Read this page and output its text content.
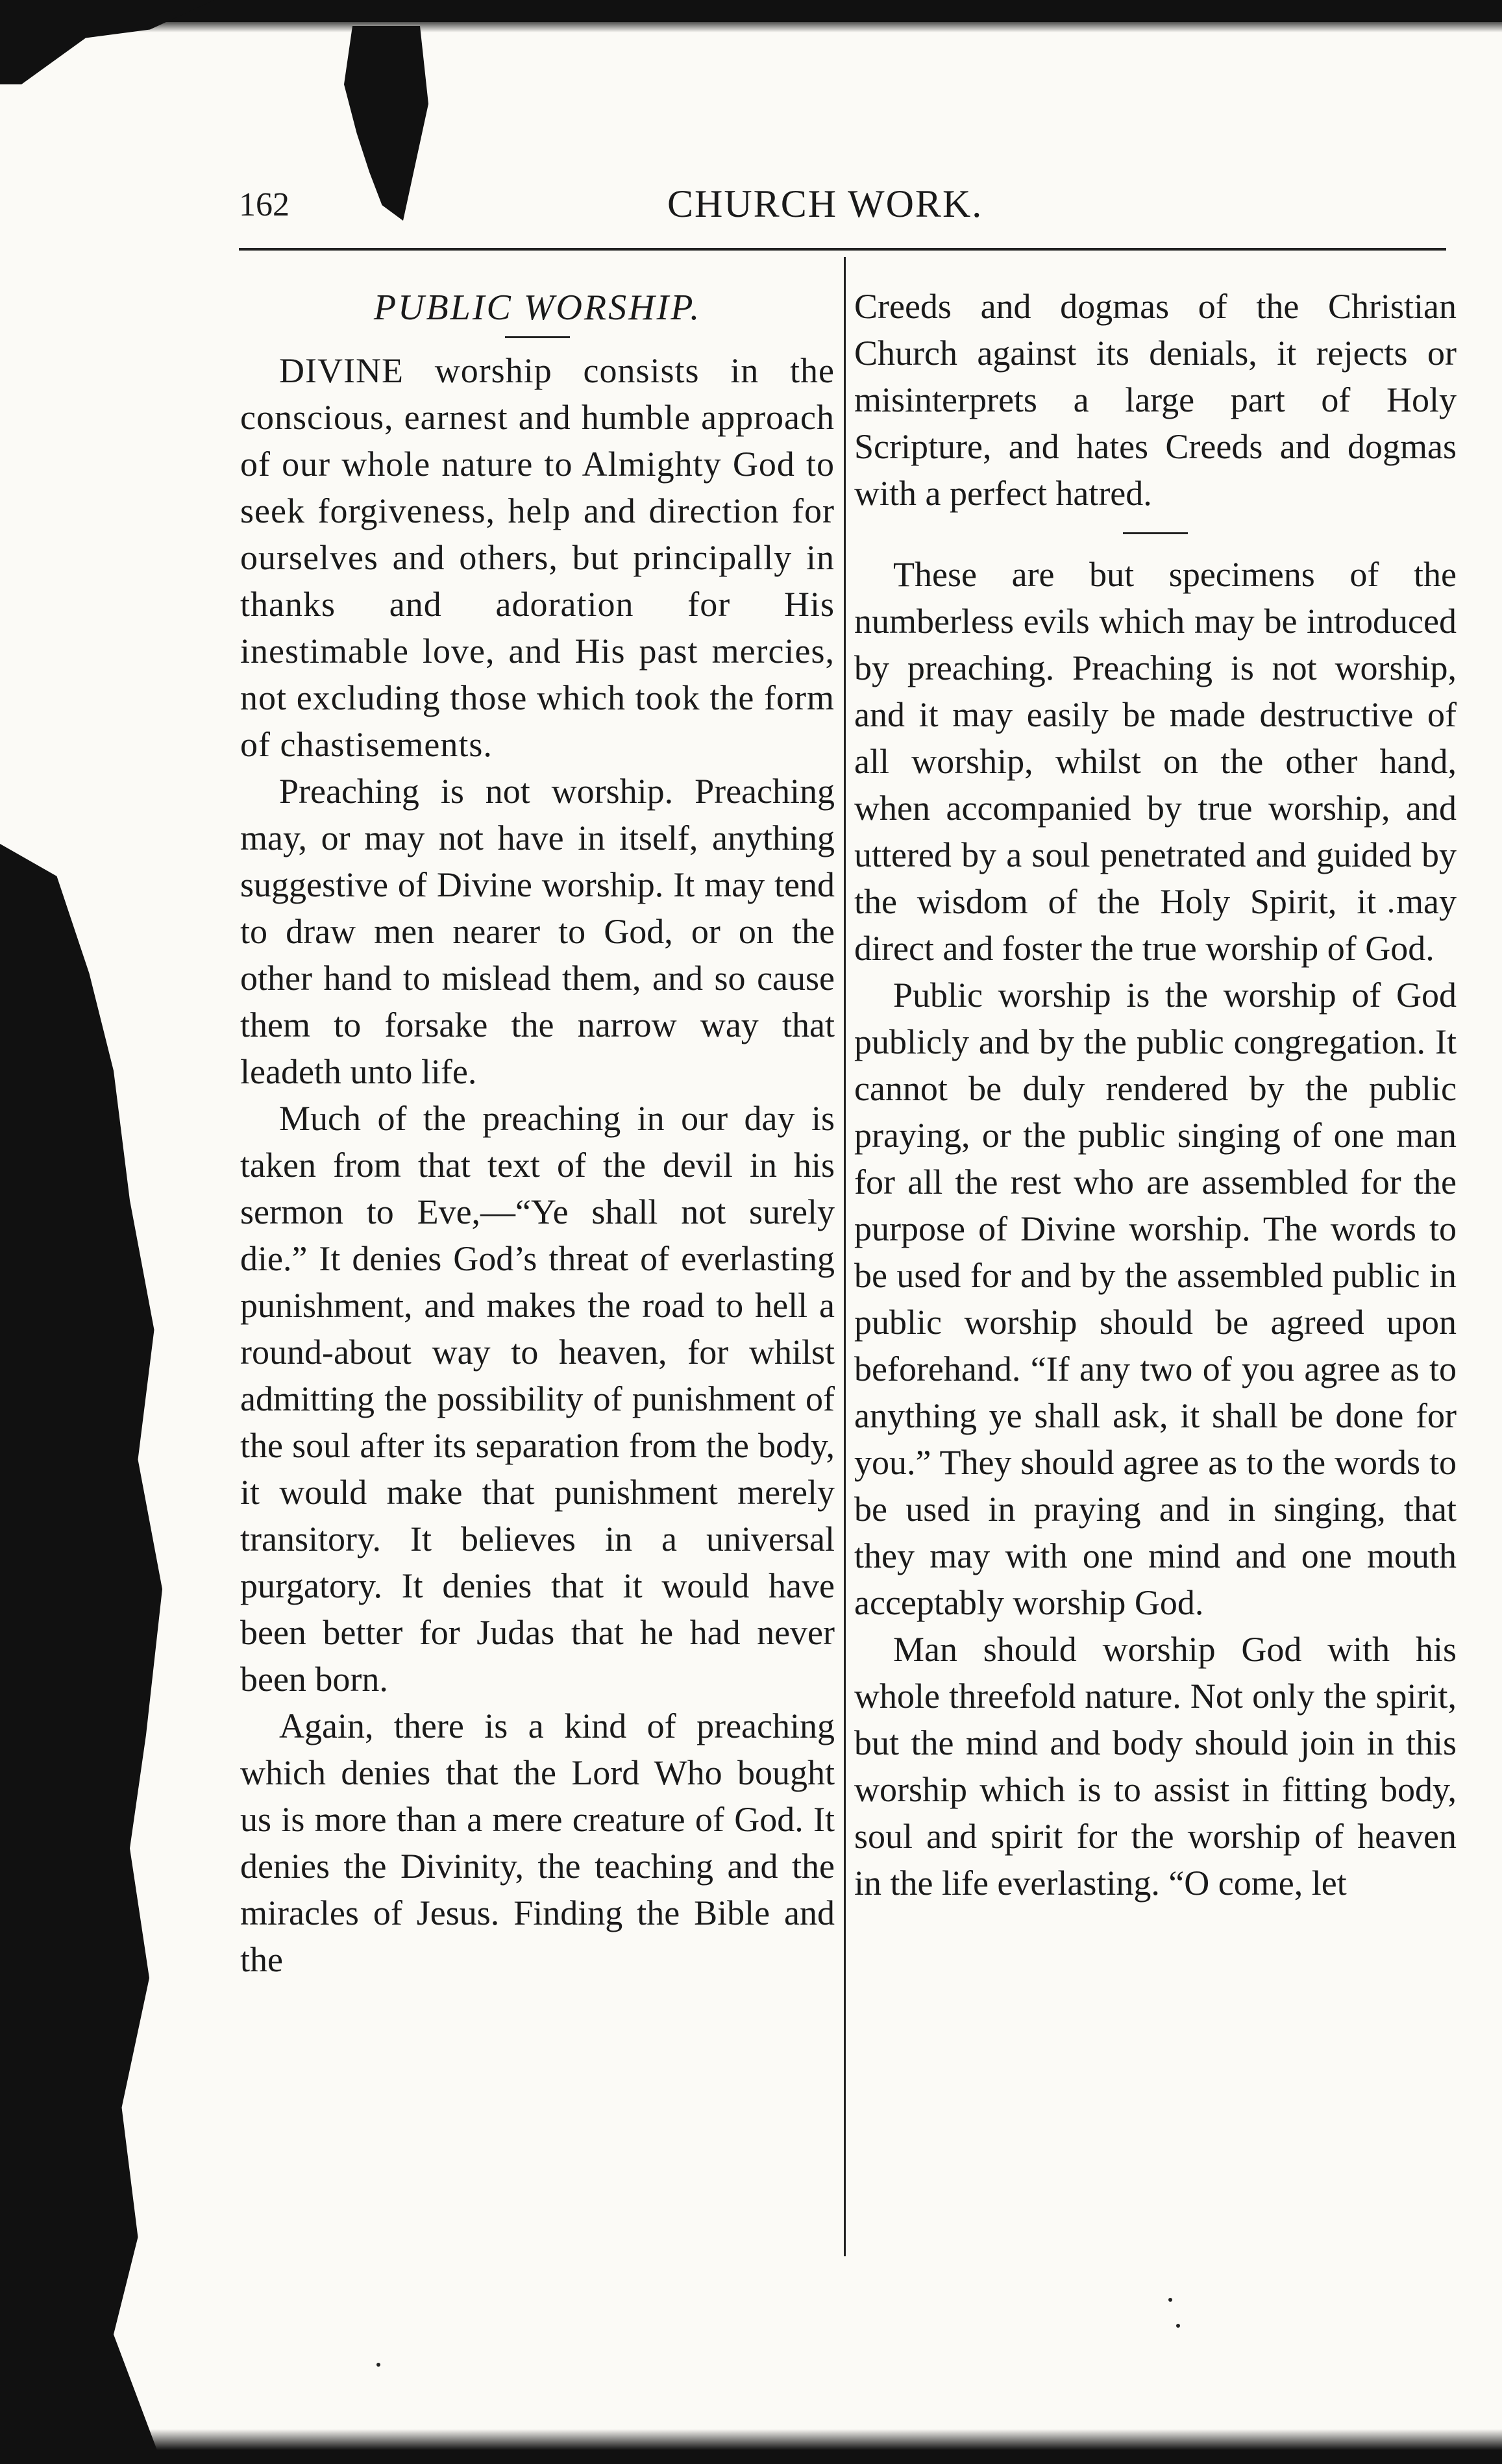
162	CHURCH WORK.
PUBLIC WORSHIP.

DIVINE worship consists in the conscious, earnest and humble approach of our whole nature to Almighty God to seek forgiveness, help and direction for ourselves and others, but principally in thanks and adoration for His inestimable love, and His past mercies, not excluding those which took the form of chastisements.

Preaching is not worship. Preaching may, or may not have in itself, anything suggestive of Divine worship. It may tend to draw men nearer to God, or on the other hand to mislead them, and so cause them to forsake the narrow way that leadeth unto life.

Much of the preaching in our day is taken from that text of the devil in his sermon to Eve,—“Ye shall not surely die.” It denies God’s threat of everlasting punishment, and makes the road to hell a round-about way to heaven, for whilst admitting the possibility of punishment of the soul after its separation from the body, it would make that punishment merely transitory. It believes in a universal purgatory. It denies that it would have been better for Judas that he had never been born.

Again, there is a kind of preaching which denies that the Lord Who bought us is more than a mere creature of God. It denies the Divinity, the teaching and the miracles of Jesus. Finding the Bible and the

Creeds and dogmas of the Christian Church against its denials, it rejects or misinterprets a large part of Holy Scripture, and hates Creeds and dogmas with a perfect hatred.

These are but specimens of the numberless evils which may be introduced by preaching. Preaching is not worship, and it may easily be made destructive of all worship, whilst on the other hand, when accompanied by true worship, and uttered by a soul penetrated and guided by the wisdom of the Holy Spirit, it may direct and foster the true worship of God.

Public worship is the worship of God publicly and by the public congregation. It cannot be duly rendered by the public praying, or the public singing of one man for all the rest who are assembled for the purpose of Divine worship. The words to be used for and by the assembled public in public worship should be agreed upon beforehand. “If any two of you agree as to anything ye shall ask, it shall be done for you.” They should agree as to the words to be used in praying and in singing, that they may with one mind and one mouth acceptably worship God.

Man should worship God with his whole threefold nature. Not only the spirit, but the mind and body should join in this worship which is to assist in fitting body, soul and spirit for the worship of heaven in the life everlasting. “O come, let
